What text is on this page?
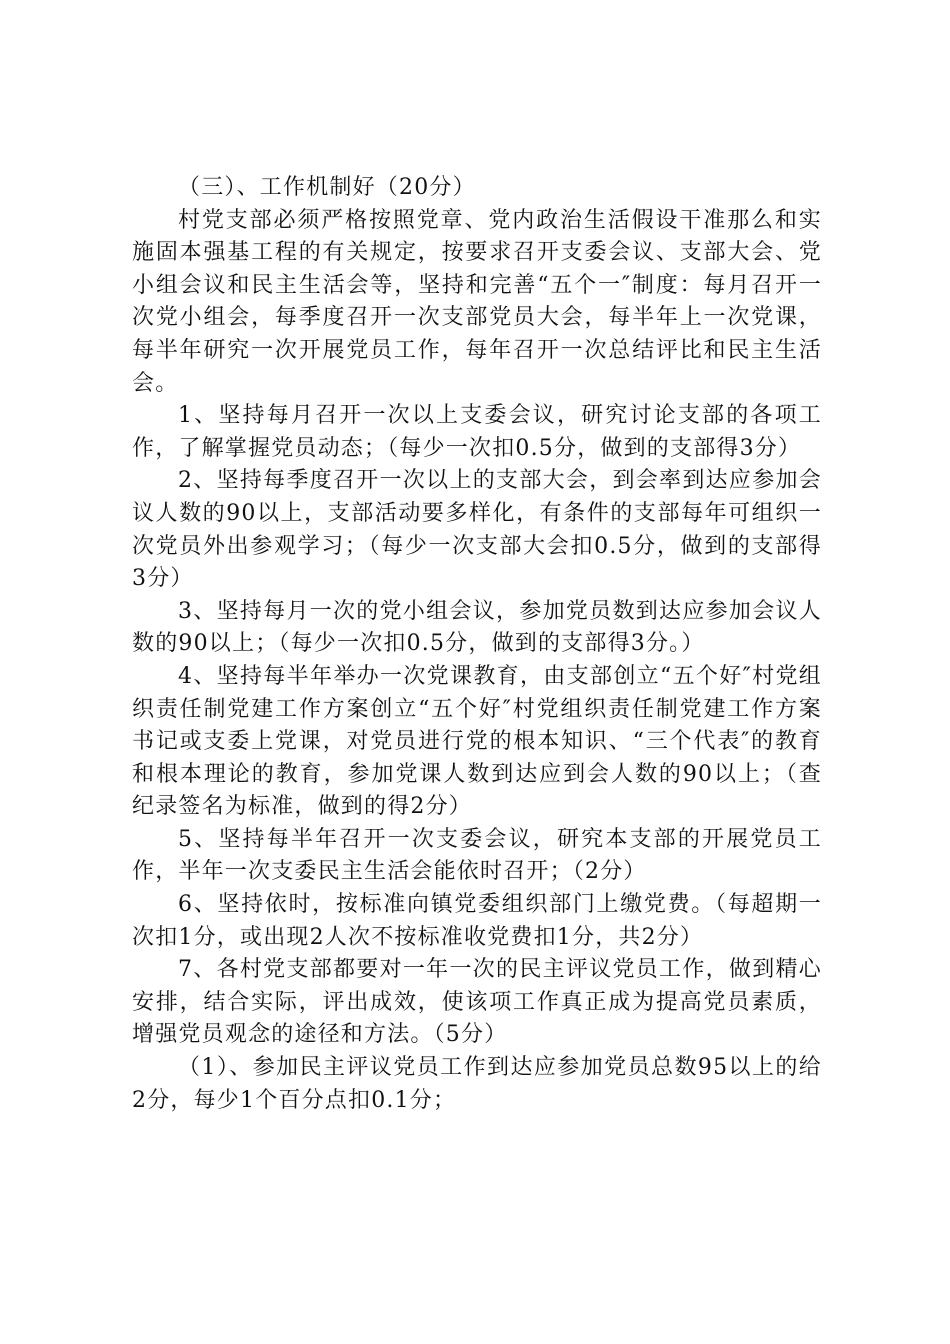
（三）、工作机制好（20分）

村党支部必须严格按照党章、党内政治生活假设干准那么和实施固本强基工程的有关规定，按要求召开支委会议、支部大会、党小组会议和民主生活会等，坚持和完善“五个一″制度：每月召开一次党小组会，每季度召开一次支部党员大会，每半年上一次党课，每半年研究一次开展党员工作，每年召开一次总结评比和民主生活会。

1、坚持每月召开一次以上支委会议，研究讨论支部的各项工作，了解掌握党员动态；（每少一次扣0.5分，做到的支部得3分）

2、坚持每季度召开一次以上的支部大会，到会率到达应参加会议人数的90以上，支部活动要多样化，有条件的支部每年可组织一次党员外出参观学习；（每少一次支部大会扣0.5分，做到的支部得3分）

3、坚持每月一次的党小组会议，参加党员数到达应参加会议人数的90以上；（每少一次扣0.5分，做到的支部得3分。）

4、坚持每半年举办一次党课教育，由支部创立“五个好″村党组织责任制党建工作方案创立“五个好″村党组织责任制党建工作方案书记或支委上党课，对党员进行党的根本知识、“三个代表″的教育和根本理论的教育，参加党课人数到达应到会人数的90以上；（查纪录签名为标准，做到的得2分）

5、坚持每半年召开一次支委会议，研究本支部的开展党员工作，半年一次支委民主生活会能依时召开；（2分）

6、坚持依时，按标准向镇党委组织部门上缴党费。（每超期一次扣1分，或出现2人次不按标准收党费扣1分，共2分）

7、各村党支部都要对一年一次的民主评议党员工作，做到精心安排，结合实际，评出成效，使该项工作真正成为提高党员素质，增强党员观念的途径和方法。（5分）

（1）、参加民主评议党员工作到达应参加党员总数95以上的给2分，每少1个百分点扣0.1分；
